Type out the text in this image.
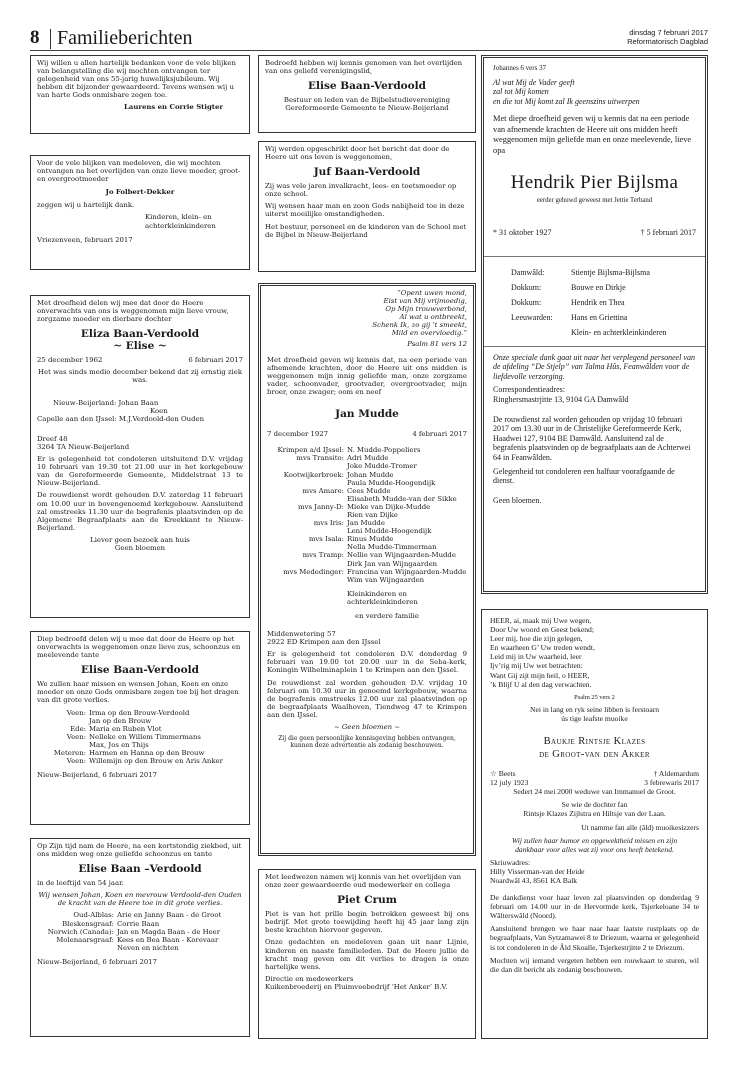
8 Familieberichten	dinsdag 7 februari 2017
Reformatorisch Dagblad
Wij willen u allen hartelijk bedanken voor de vele blijken van belangstelling die wij mochten ontvangen ter gelegenheid van ons 55-jarig huwelijksjubileum. Wij hebben dit bijzonder gewaardeerd. Tevens wensen wij u van harte Gods onmisbare zegen toe.
Laurens en Corrie Stigter
Voor de vele blijken van medeleven, die wij mochten ontvangen na het overlijden van onze lieve moeder, groot- en overgrootmoeder
Jo Folbert-Dekker
zeggen wij u hartelijk dank.
Kinderen, klein- en
achterkleinkinderen
Vriezenveen, februari 2017
Met droefheid delen wij mee dat door de Heere onverwachts van ons is weggenomen mijn lieve vrouw, zorgzame moeder en dierbare dochter
Eliza Baan-Verdoold
~ Elise ~
25 december 1962	6 februari 2017
Het was sinds medio december bekend dat zij ernstig ziek was.
Nieuw-Beijerland: Johan Baan
Koen
Capelle aan den IJssel: M.J.Verdoold-den Ouden
Dreef 48
3264 TA Nieuw-Beijerland
Er is gelegenheid tot condoleren uitsluitend D.V. vrijdag 10 februari van 19.30 tot 21.00 uur in het kerkgebouw van de Gereformeerde Gemeente, Middelstraat 13 te Nieuw-Beijerland.
De rouwdienst wordt gehouden D.V. zaterdag 11 februari om 10.00 uur in bovengenoemd kerkgebouw. Aansluitend zal omstreeks 11.30 uur de begrafenis plaatsvinden op de Algemene Begraafplaats aan de Kreekkant te Nieuw-Beijerland.
Liever geen bezoek aan huis
Geen bloemen
Diep bedroefd delen wij u mee dat door de Heere op het onverwachts is weggenomen onze lieve zus, schoonzus en meelevende tante
Elise Baan-Verdoold
We zullen haar missen en wensen Johan, Koen en onze moeder en onze Gods onmisbare zegen toe bij het dragen van dit grote verlies.
Veen: Irma op den Brouw-Verdoold
Jan op den Brouw
Ede: Maria en Ruben Vlot
Veen: Nelleke en Willem Timmermans
Max, Jos en Thijs
Meteren: Harmen en Hanna op den Brouw
Veen: Willemijn op den Brouw en Aris Anker
Nieuw-Beijerland, 6 februari 2017
Op Zijn tijd nam de Heere, na een kortstondig ziekbed, uit ons midden weg onze geliefde schoonzus en tante
Elise Baan –Verdoold
in de leeftijd van 54 jaar.
Wij wensen Johan, Koen en mevrouw Verdoold-den Ouden de kracht van de Heere toe in dit grote verlies.
Oud-Alblas: Arie en Janny Baan - de Groot
Bleskensgraaf: Corrie Baan
Norwich (Canada): Jan en Magda Baan - de Heer
Molenaarsgraaf: Kees en Bea Baan - Korevaar
Neven en nichten
Nieuw-Beijerland, 6 februari 2017
Bedroefd hebben wij kennis genomen van het overlijden van ons geliefd verenigingslid,
Elise Baan-Verdoold
Bestuur en leden van de Bijbelstudievereniging Gereformeerde Gemeente te Nieuw-Beijerland
Wij werden opgeschrikt door het bericht dat door de Heere uit ons leven is weggenomen,
Juf Baan-Verdoold
Zij was vele jaren invalkracht, lees- en toetsmoeder op onze school.
Wij wensen haar man en zoon Gods nabijheid toe in deze uiterst moeilijke omstandigheden.
Het bestuur, personeel en de kinderen van de School met de Bijbel in Nieuw-Beijerland
“Opent uwen mond,
Eist van Mij vrijmoedig,
Op Mijn trouwverbond,
Al wat u ontbreekt,
Schenk Ik, zo gij ’t smeekt,
Mild en overvloedig.”
Psalm 81 vers 12
Met droefheid geven wij kennis dat, na een periode van afnemende krachten, door de Heere uit ons midden is weggenomen mijn innig geliefde man, onze zorgzame vader, schoonvader, grootvader, overgrootvader, mijn broer, onze zwager; oom en neef
Jan Mudde
7 december 1927	4 februari 2017
Krimpen a/d IJssel: N. Mudde-Poppeliers
mvs Transito: Adri Mudde
Joke Mudde-Tromer
Kootwijkerbroek: Johan Mudde
Paula Mudde-Hoogendijk
mvs Amare: Cees Mudde
Elisabeth Mudde-van der Sikke
mvs Janny-D: Mieke van Dijke-Mudde
Rien van Dijke
mvs Iris: Jan Mudde
Leni Mudde-Hoogendijk
mvs Isala: Rinus Mudde
Nella Mudde-Timmerman
mvs Tramp: Nellie van Wijngaarden-Mudde
Dirk Jan van Wijngaarden
mvs Mededinger: Francina van Wijngaarden-Mudde
Wim van Wijngaarden
Kleinkinderen en
achterkleinkinderen
en verdere familie
Middenwetering 57
2922 ED Krimpen aan den IJssel
Er is gelegenheid tot condoleren D.V. donderdag 9 februari van 19.00 tot 20.00 uur in de Seba-kerk, Koningin Wilhelminaplein 1 te Krimpen aan den IJssel.
De rouwdienst zal worden gehouden D.V. vrijdag 10 februari om 10.30 uur in genoemd kerkgebouw, waarna de begrafenis omstreeks 12.00 uur zal plaatsvinden op de begraafplaats Waalhoven, Tiendweg 47 te Krimpen aan den IJssel.
~ Geen bloemen ~
Zij die geen persoonlijke kennisgeving hebben ontvangen, kunnen deze advertentie als zodanig beschouwen.
Met leedwezen namen wij kennis van het overlijden van onze zeer gewaardeerde oud medewerker en collega
Piet Crum
Piet is van het prille begin betrokken geweest bij ons bedrijf. Met grote toewijding heeft hij 45 jaar lang zijn beste krachten hiervoor gegeven.
Onze gedachten en medeleven gaan uit naar Lijnie, kinderen en naaste familieleden. Dat de Heere jullie de kracht mag geven om dit verlies te dragen is onze hartelijke wens.
Directie en medewerkers
Kuikenbroederij en Pluimveebedrijf ‘Het Anker’ B.V.
Johannes 6 vers 37
Al wat Mij de Vader geeft
zal tot Mij komen
en die tot Mij komt zal Ik geenszins uitwerpen
Met diepe droefheid geven wij u kennis dat na een periode van afnemende krachten de Heere uit ons midden heeft weggenomen mijn geliefde man en onze meelevende, lieve opa
Hendrik Pier Bijlsma
eerder gehuwd geweest met Jettie Terband
* 31 oktober 1927	† 5 februari 2017
Damwâld:	Stientje Bijlsma-Bijlsma
Dokkum:	Bouwe en Dirkje
Dokkum:	Hendrik en Thea
Leeuwarden:	Hans en Griettina
Klein- en achterkleinkinderen
Onze speciale dank gaat uit naar het verplegend personeel van de afdeling “De Stjelp” van Talma Hûs, Feanwâlden voor de liefdevolle verzorging.
Correspondentieadres:
Ringhersmastrjitte 13, 9104 GA Damwâld
De rouwdienst zal worden gehouden op vrijdag 10 februari 2017 om 13.30 uur in de Christelijke Gereformeerde Kerk, Haadwei 127, 9104 BE Damwâld. Aansluitend zal de begrafenis plaatsvinden op de begraafplaats aan de Achterwei 64 in Feanwâlden.
Gelegenheid tot condoleren een halfuur voorafgaande de dienst.
Geen bloemen.
HEER, ai, maak mij Uwe wegen,
Door Uw woord en Geest bekend;
Leer mij, hoe die zijn gelegen,
En waarheen G’ Uw treden wendt,
Leid mij in Uw waarheid, leer
Ijv’rig mij Uw wet betrachten:
Want Gij zijt mijn heil, o HEER,
’k Blijf U al den dag verwachten.
Psalm 25 vers 2
Nei in lang en ryk seine libben is ferstoarn
ús tige leafste muoike
Baukje Rintsje Klazes
de Groot-van den Akker
☆ Beets	† Aldemardum
12 july 1923	3 febrewaris 2017
Sedert 24 mei 2000 weduwe van Immanuel de Groot.
Se wie de dochter fan
Rintsje Klazes Zijlstra en Hiltsje van der Laan.
Ut namme fan alle (âld) muoikesizzers
Wij zullen haar humor en opgewektheid missen en zijn
dankbaar voor alles wat zij voor ons heeft betekend.
Skriuwadres:
Hilly Visserman-van der Heide
Noardwâl 43, 8561 KA Balk
De dankdienst voor haar leven zal plaatsvinden op donderdag 9 februari om 14.00 uur in de Hervormde kerk, Tsjerkeloane 34 te Wâlterswâld (Noord).
Aansluitend brengen we haar naar haar laatste rustplaats op de begraafplaats, Van Sytzamawei 8 te Driezum, waarna er gelegenheid is tot condoleren in de Âld Skoalle, Tsjerkestrjitte 2 te Driezum.
Mochten wij iemand vergeten hebben een rouwkaart te sturen, wil die dan dit bericht als zodanig beschouwen.
